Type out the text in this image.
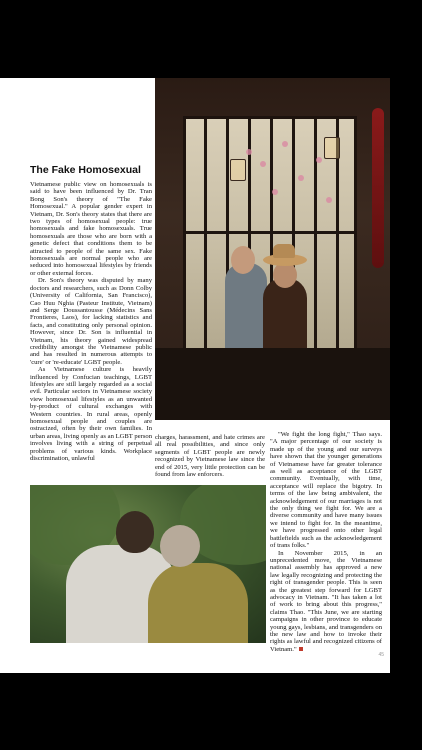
The Fake Homosexual

Vietnamese public view on homosexuals is said to have been influenced by Dr. Tran Bong Son's theory of "The Fake Homosexual." A popular gender expert in Vietnam, Dr. Son's theory states that there are two types of homosexual people: true homosexuals and fake homosexuals. True homosexuals are those who are born with a genetic defect that conditions them to be attracted to people of the same sex. Fake homosexuals are normal people who are seduced into homosexual lifestyles by friends or other external forces.

Dr. Son's theory was disputed by many doctors and researchers, such as Donn Colby (University of California, San Francisco), Cao Huu Nghia (Pasteur Institute, Vietnam) and Serge Doussantousse (Médecins Sans Frontieres, Laos), for lacking statistics and facts, and constituting only personal opinion. However, since Dr. Son is influential in Vietnam, his theory gained widespread credibility amongst the Vietnamese public and has resulted in numerous attempts to 'cure' or 're-educate' LGBT people.

As Vietnamese culture is heavily influenced by Confucian teachings, LGBT lifestyles are still largely regarded as a social evil. Particular sectors in Vietnamese society view homosexual lifestyles as an unwanted by-product of cultural exchanges with Western countries. In rural areas, openly homosexual people and couples are ostracized, often by their own families. In urban areas, living openly as an LGBT person involves living with a string of perpetual problems of various kinds. Workplace discrimination, unlawful

charges, harassment, and hate crimes are all real possibilities, and since only segments of LGBT people are newly recognized by Vietnamese law since the end of 2015, very little protection can be found from law enforcers.

"We fight the long fight," Thao says. "A major percentage of our society is made up of the young and our surveys have shown that the younger generations of Vietnamese have far greater tolerance as well as acceptance of the LGBT community. Eventually, with time, acceptance will replace the bigotry. In terms of the law being ambivalent, the acknowledgement of our marriages is not the only thing we fight for. We are a diverse community and have many issues we intend to fight for. In the meantime, we have progressed onto other legal battlefields such as the acknowledgement of trans folks."

In November 2015, in an unprecedented move, the Vietnamese national assembly has approved a new law legally recognizing and protecting the right of transgender people. This is seen as the greatest step forward for LGBT advocacy in Vietnam. "It has taken a lot of work to bring about this progress," claims Thao. "This June, we are starting campaigns in other province to educate young gays, lesbians, and transgenders on the new law and how to invoke their rights as lawful and recognized citizens of Vietnam."

45
